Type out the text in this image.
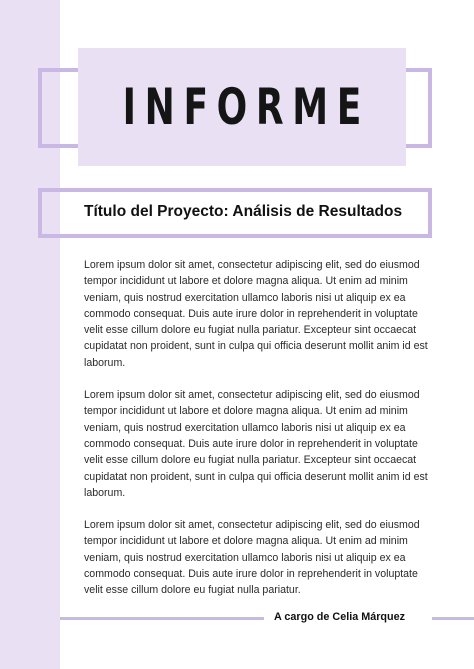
INFORME
Título del Proyecto: Análisis de Resultados

Lorem ipsum dolor sit amet, consectetur adipiscing elit, sed do eiusmod tempor incididunt ut labore et dolore magna aliqua. Ut enim ad minim veniam, quis nostrud exercitation ullamco laboris nisi ut aliquip ex ea commodo consequat. Duis aute irure dolor in reprehenderit in voluptate velit esse cillum dolore eu fugiat nulla pariatur. Excepteur sint occaecat cupidatat non proident, sunt in culpa qui officia deserunt mollit anim id est laborum.

Lorem ipsum dolor sit amet, consectetur adipiscing elit, sed do eiusmod tempor incididunt ut labore et dolore magna aliqua. Ut enim ad minim veniam, quis nostrud exercitation ullamco laboris nisi ut aliquip ex ea commodo consequat. Duis aute irure dolor in reprehenderit in voluptate velit esse cillum dolore eu fugiat nulla pariatur. Excepteur sint occaecat cupidatat non proident, sunt in culpa qui officia deserunt mollit anim id est laborum.

Lorem ipsum dolor sit amet, consectetur adipiscing elit, sed do eiusmod tempor incididunt ut labore et dolore magna aliqua. Ut enim ad minim veniam, quis nostrud exercitation ullamco laboris nisi ut aliquip ex ea commodo consequat. Duis aute irure dolor in reprehenderit in voluptate velit esse cillum dolore eu fugiat nulla pariatur.

A cargo de Celia Márquez
